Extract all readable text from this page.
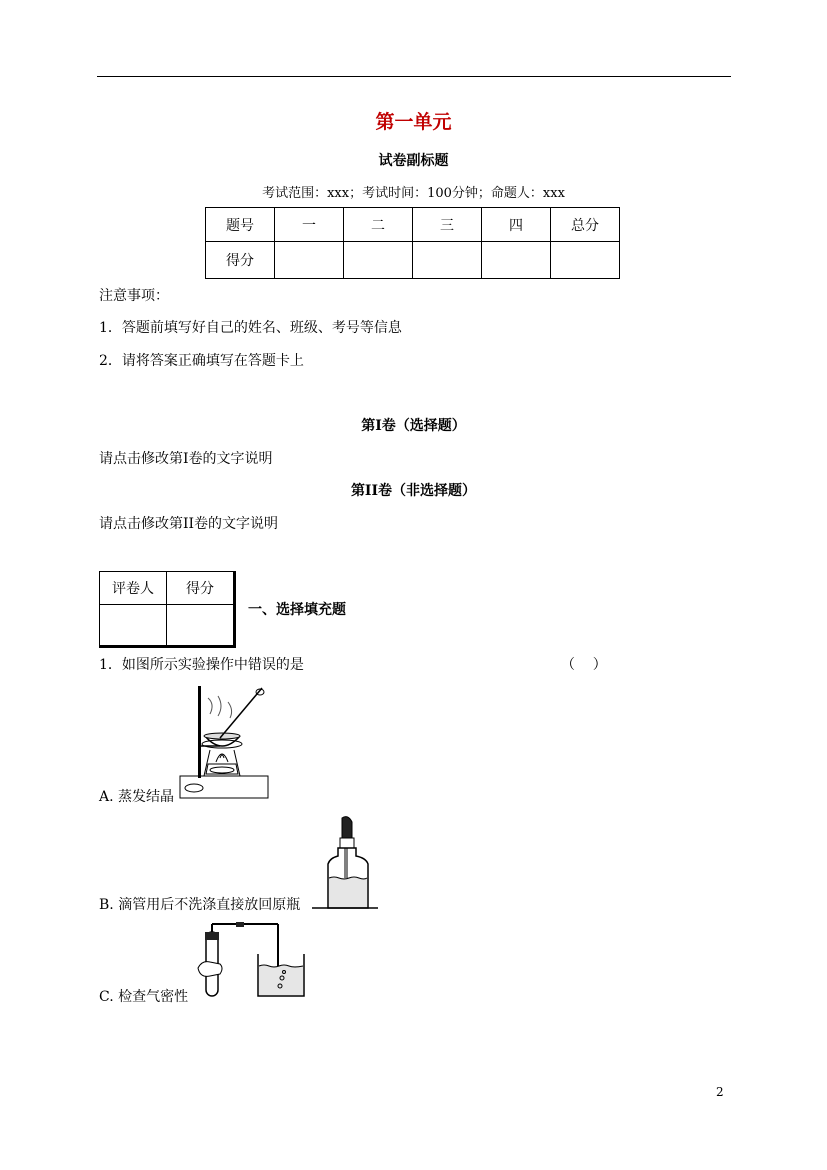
第一单元
试卷副标题
考试范围：xxx；考试时间：100分钟；命题人：xxx
题号	一	二	三	四	总分
得分					
注意事项：
1．答题前填写好自己的姓名、班级、考号等信息
2．请将答案正确填写在答题卡上
第I卷（选择题）
请点击修改第I卷的文字说明
第II卷（非选择题）
请点击修改第II卷的文字说明
评卷人	得分

一、选择填充题
1．如图所示实验操作中错误的是	（    ）
A. 蒸发结晶
B. 滴管用后不洗涤直接放回原瓶
C. 检查气密性
2
